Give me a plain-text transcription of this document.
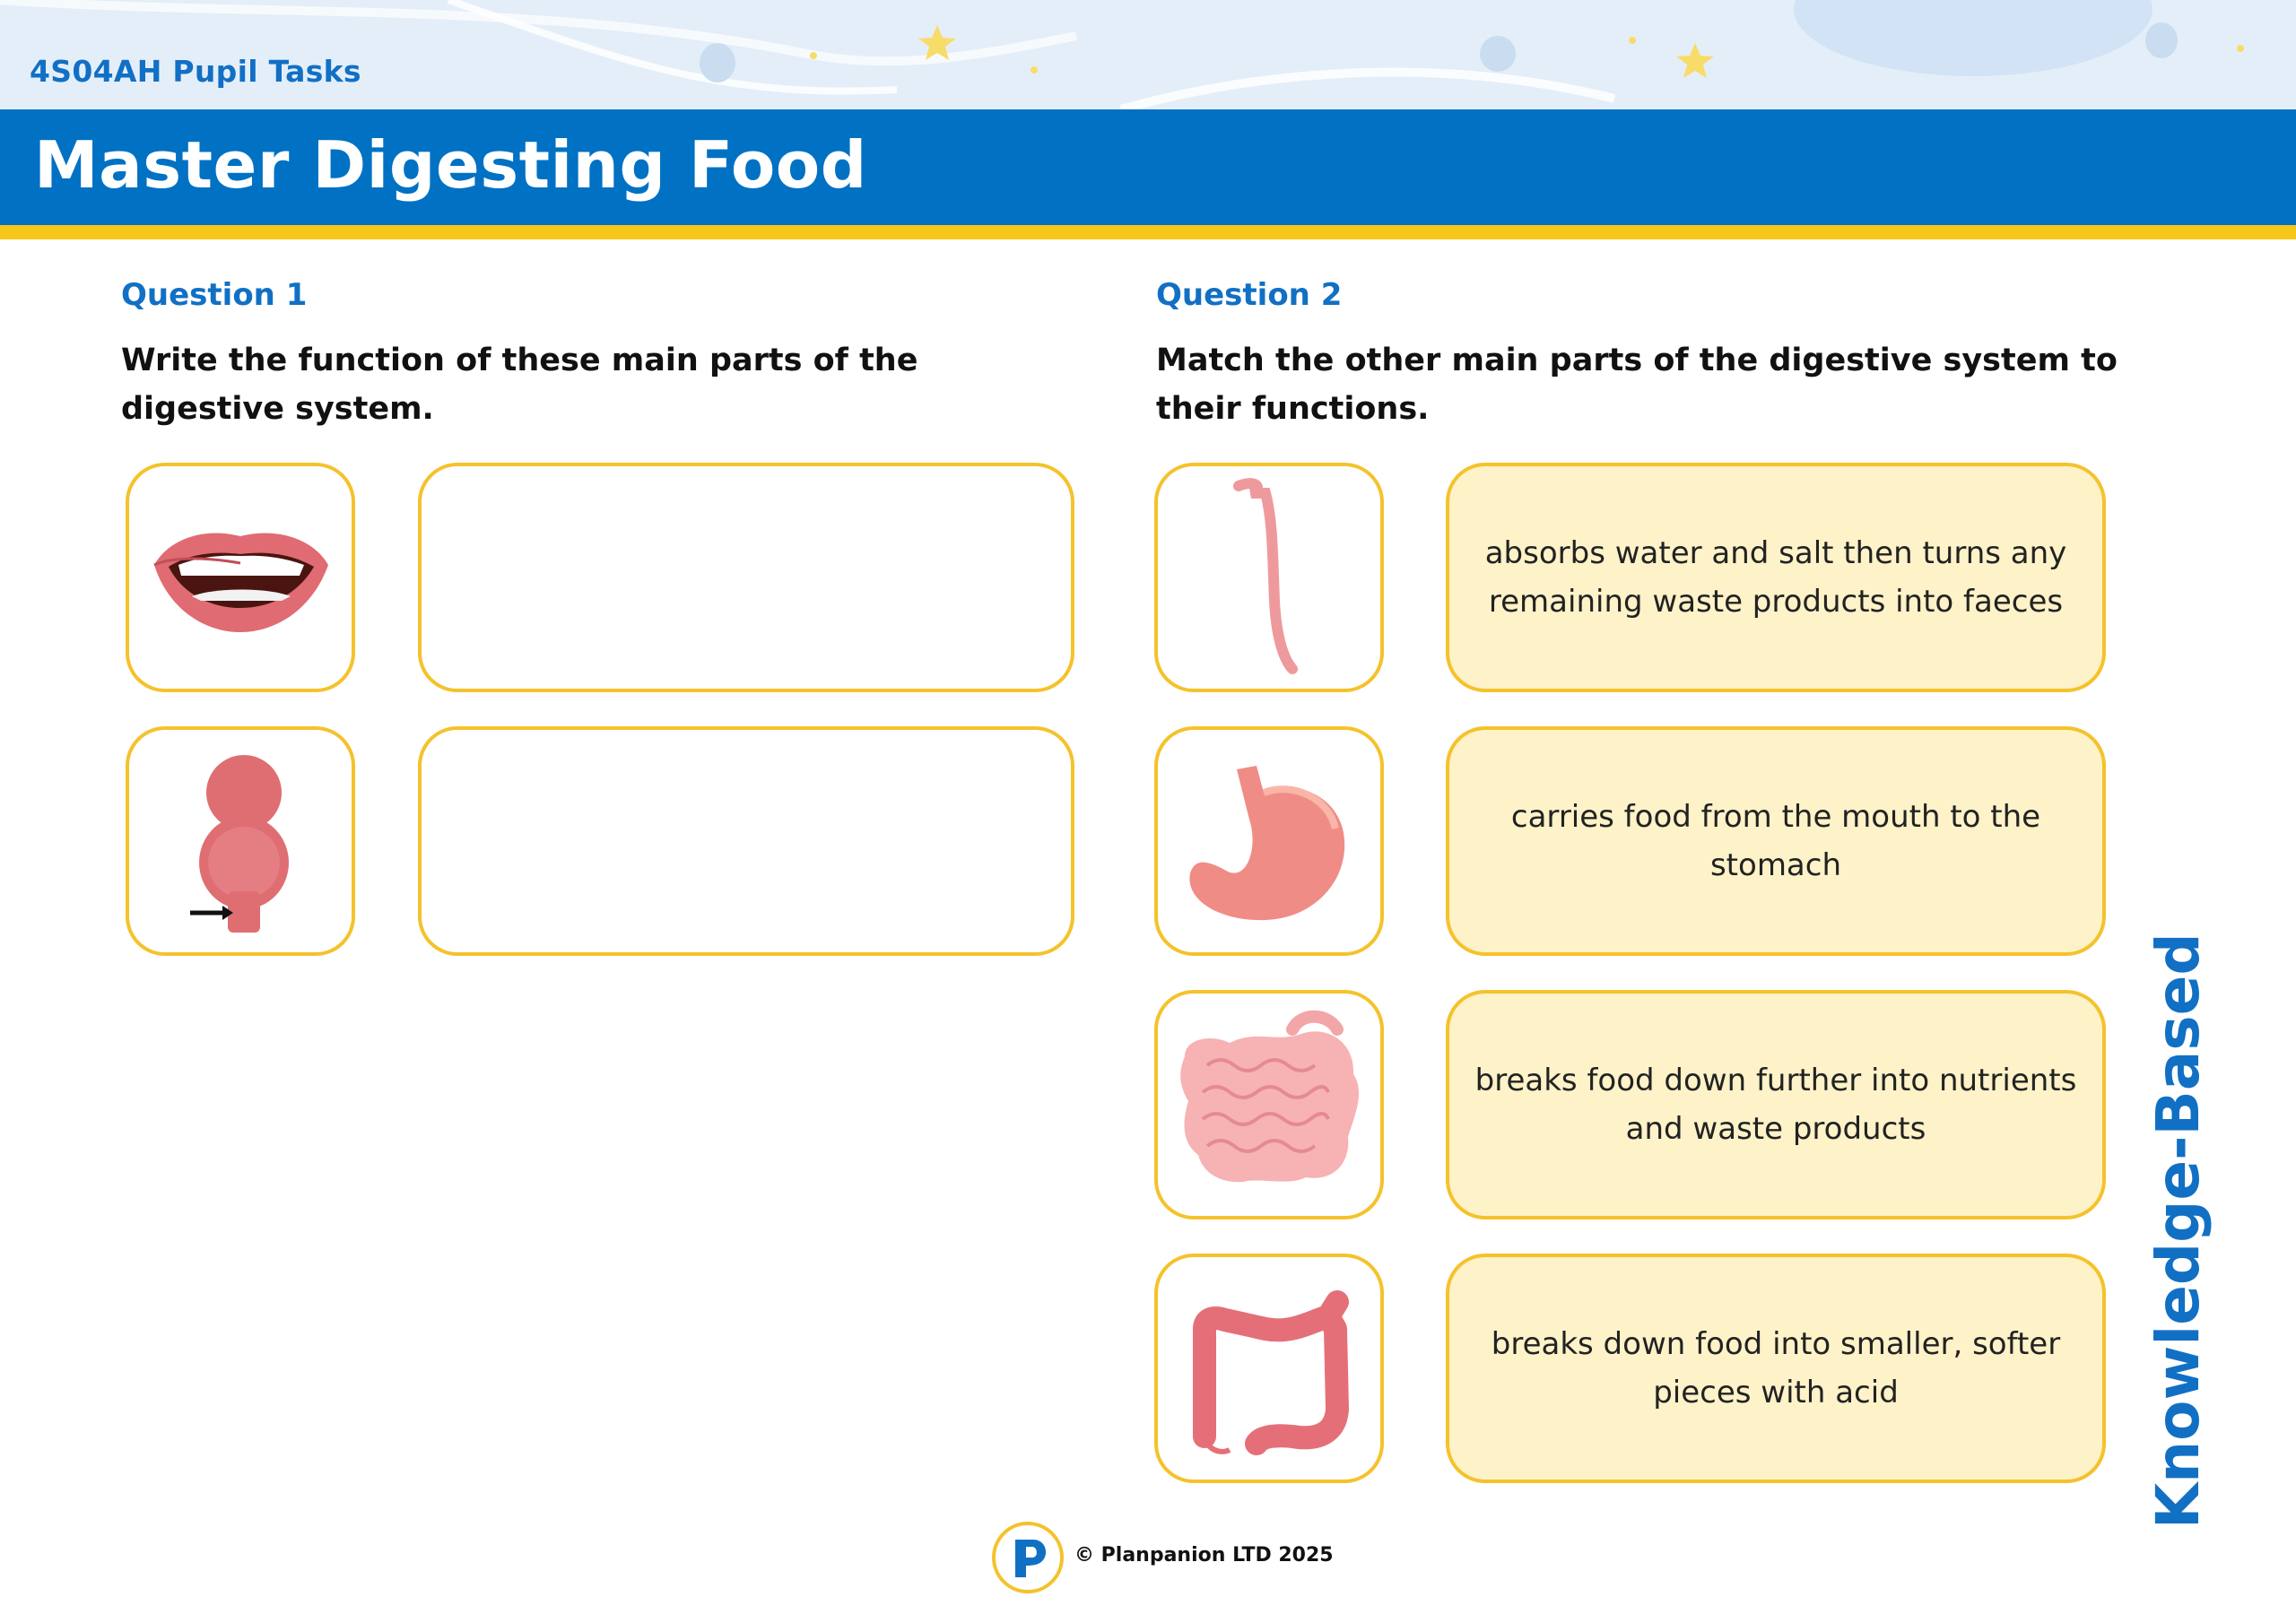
4S04AH Pupil Tasks
Master Digesting Food
Question 1
Write the function of these main parts of the digestive system.
Question 2
Match the other main parts of the digestive system to their functions.
absorbs water and salt then turns any remaining waste products into faeces
carries food from the mouth to the stomach
breaks food down further into nutrients and waste products
breaks down food into smaller, softer pieces with acid	Knowledge-Based
© Planpanion LTD 2025
